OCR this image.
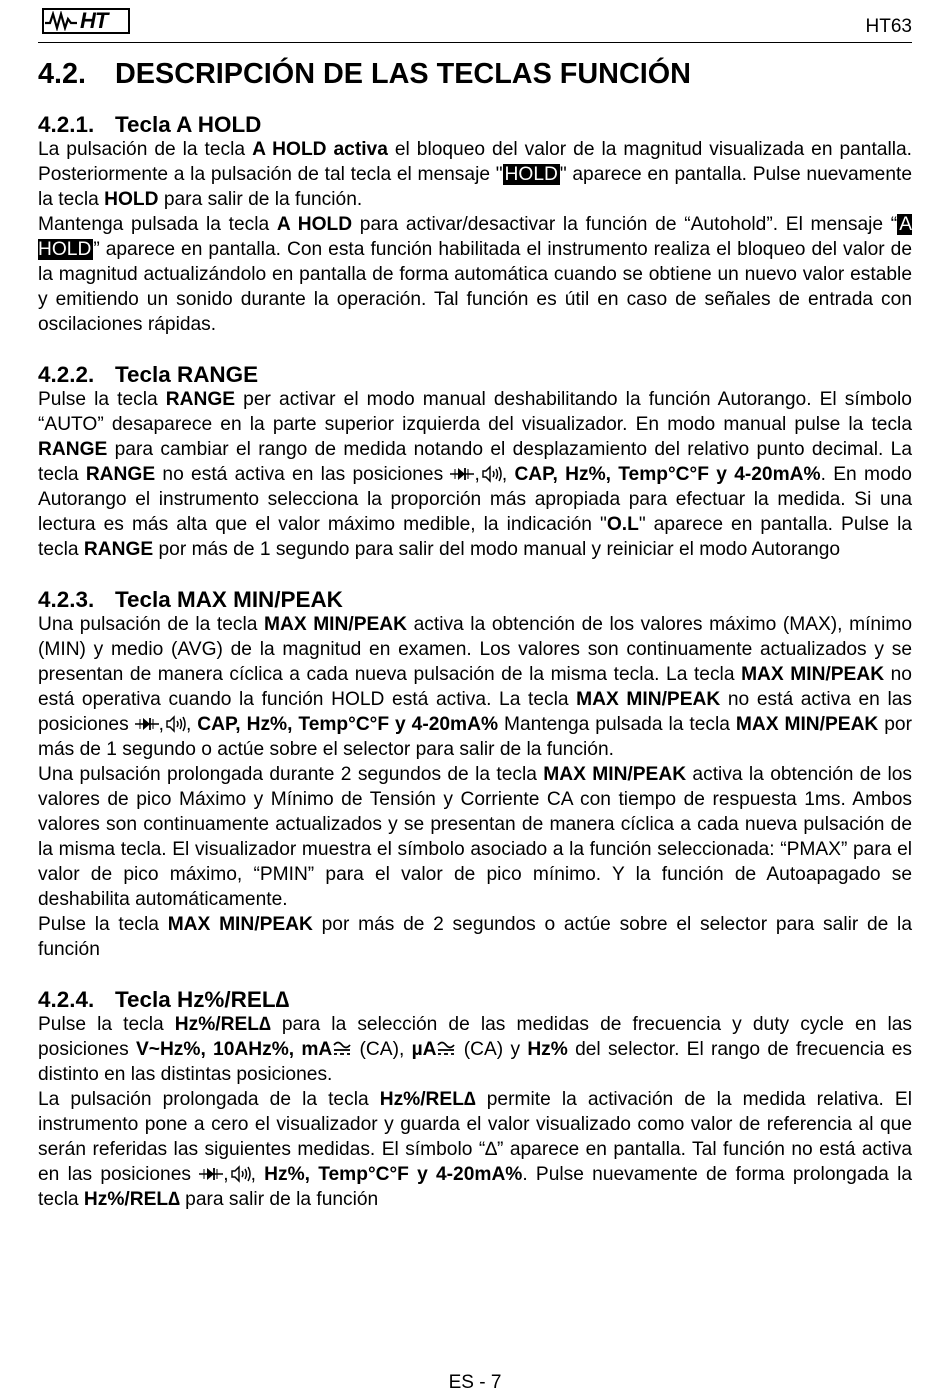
HT	HT63
4.2.	DESCRIPCIÓN DE LAS TECLAS FUNCIÓN
4.2.1. Tecla A HOLD

La pulsación de la tecla A HOLD activa el bloqueo del valor de la magnitud visualizada en pantalla. Posteriormente a la pulsación de tal tecla el mensaje " HOLD " aparece en pantalla. Pulse nuevamente la tecla HOLD para salir de la función.

Mantenga pulsada la tecla A HOLD para activar/desactivar la función de “Autohold”. El mensaje “ A HOLD ” aparece en pantalla. Con esta función habilitada el instrumento realiza el bloqueo del valor de la magnitud actualizándolo en pantalla de forma automática cuando se obtiene un nuevo valor estable y emitiendo un sonido durante la operación. Tal función es útil en caso de señales de entrada con oscilaciones rápidas.

4.2.2. Tecla RANGE

Pulse la tecla RANGE per activar el modo manual deshabilitando la función Autorango. El símbolo “AUTO” desaparece en la parte superior izquierda del visualizador. En modo manual pulse la tecla RANGE para cambiar el rango de medida notando el desplazamiento del relativo punto decimal. La tecla RANGE no está activa en las posiciones , , CAP, Hz%, Temp°C°F y 4-20mA%. En modo Autorango el instrumento selecciona la proporción más apropiada para efectuar la medida. Si una lectura es más alta que el valor máximo medible, la indicación "O.L" aparece en pantalla. Pulse la tecla RANGE por más de 1 segundo para salir del modo manual y reiniciar el modo Autorango

4.2.3. Tecla MAX MIN/PEAK

Una pulsación de la tecla MAX MIN/PEAK activa la obtención de los valores máximo (MAX), mínimo (MIN) y medio (AVG) de la magnitud en examen. Los valores son continuamente actualizados y se presentan de manera cíclica a cada nueva pulsación de la misma tecla. La tecla MAX MIN/PEAK no está operativa cuando la función HOLD está activa. La tecla MAX MIN/PEAK no está activa en las posiciones , , CAP, Hz%, Temp°C°F y 4-20mA% Mantenga pulsada la tecla MAX MIN/PEAK por más de 1 segundo o actúe sobre el selector para salir de la función.

Una pulsación prolongada durante 2 segundos de la tecla MAX MIN/PEAK activa la obtención de los valores de pico Máximo y Mínimo de Tensión y Corriente CA con tiempo de respuesta 1ms. Ambos valores son continuamente actualizados y se presentan de manera cíclica a cada nueva pulsación de la misma tecla. El visualizador muestra el símbolo asociado a la función seleccionada: “PMAX” para el valor de pico máximo, “PMIN” para el valor de pico mínimo. Y la función de Autoapagado se deshabilita automáticamente.

Pulse la tecla MAX MIN/PEAK por más de 2 segundos o actúe sobre el selector para salir de la función

4.2.4. Tecla Hz%/REL∆

Pulse la tecla Hz%/REL∆ para la selección de las medidas de frecuencia y duty cycle en las posiciones V~Hz%, 10AHz%, mA (CA), µA (CA) y Hz% del selector. El rango de frecuencia es distinto en las distintas posiciones.

La pulsación prolongada de la tecla Hz%/REL∆ permite la activación de la medida relativa. El instrumento pone a cero el visualizador y guarda el valor visualizado como valor de referencia al que serán referidas las siguientes medidas. El símbolo “∆” aparece en pantalla. Tal función no está activa en las posiciones , , Hz%, Temp°C°F y 4-20mA%. Pulse nuevamente de forma prolongada la tecla Hz%/REL∆ para salir de la función

ES - 7
